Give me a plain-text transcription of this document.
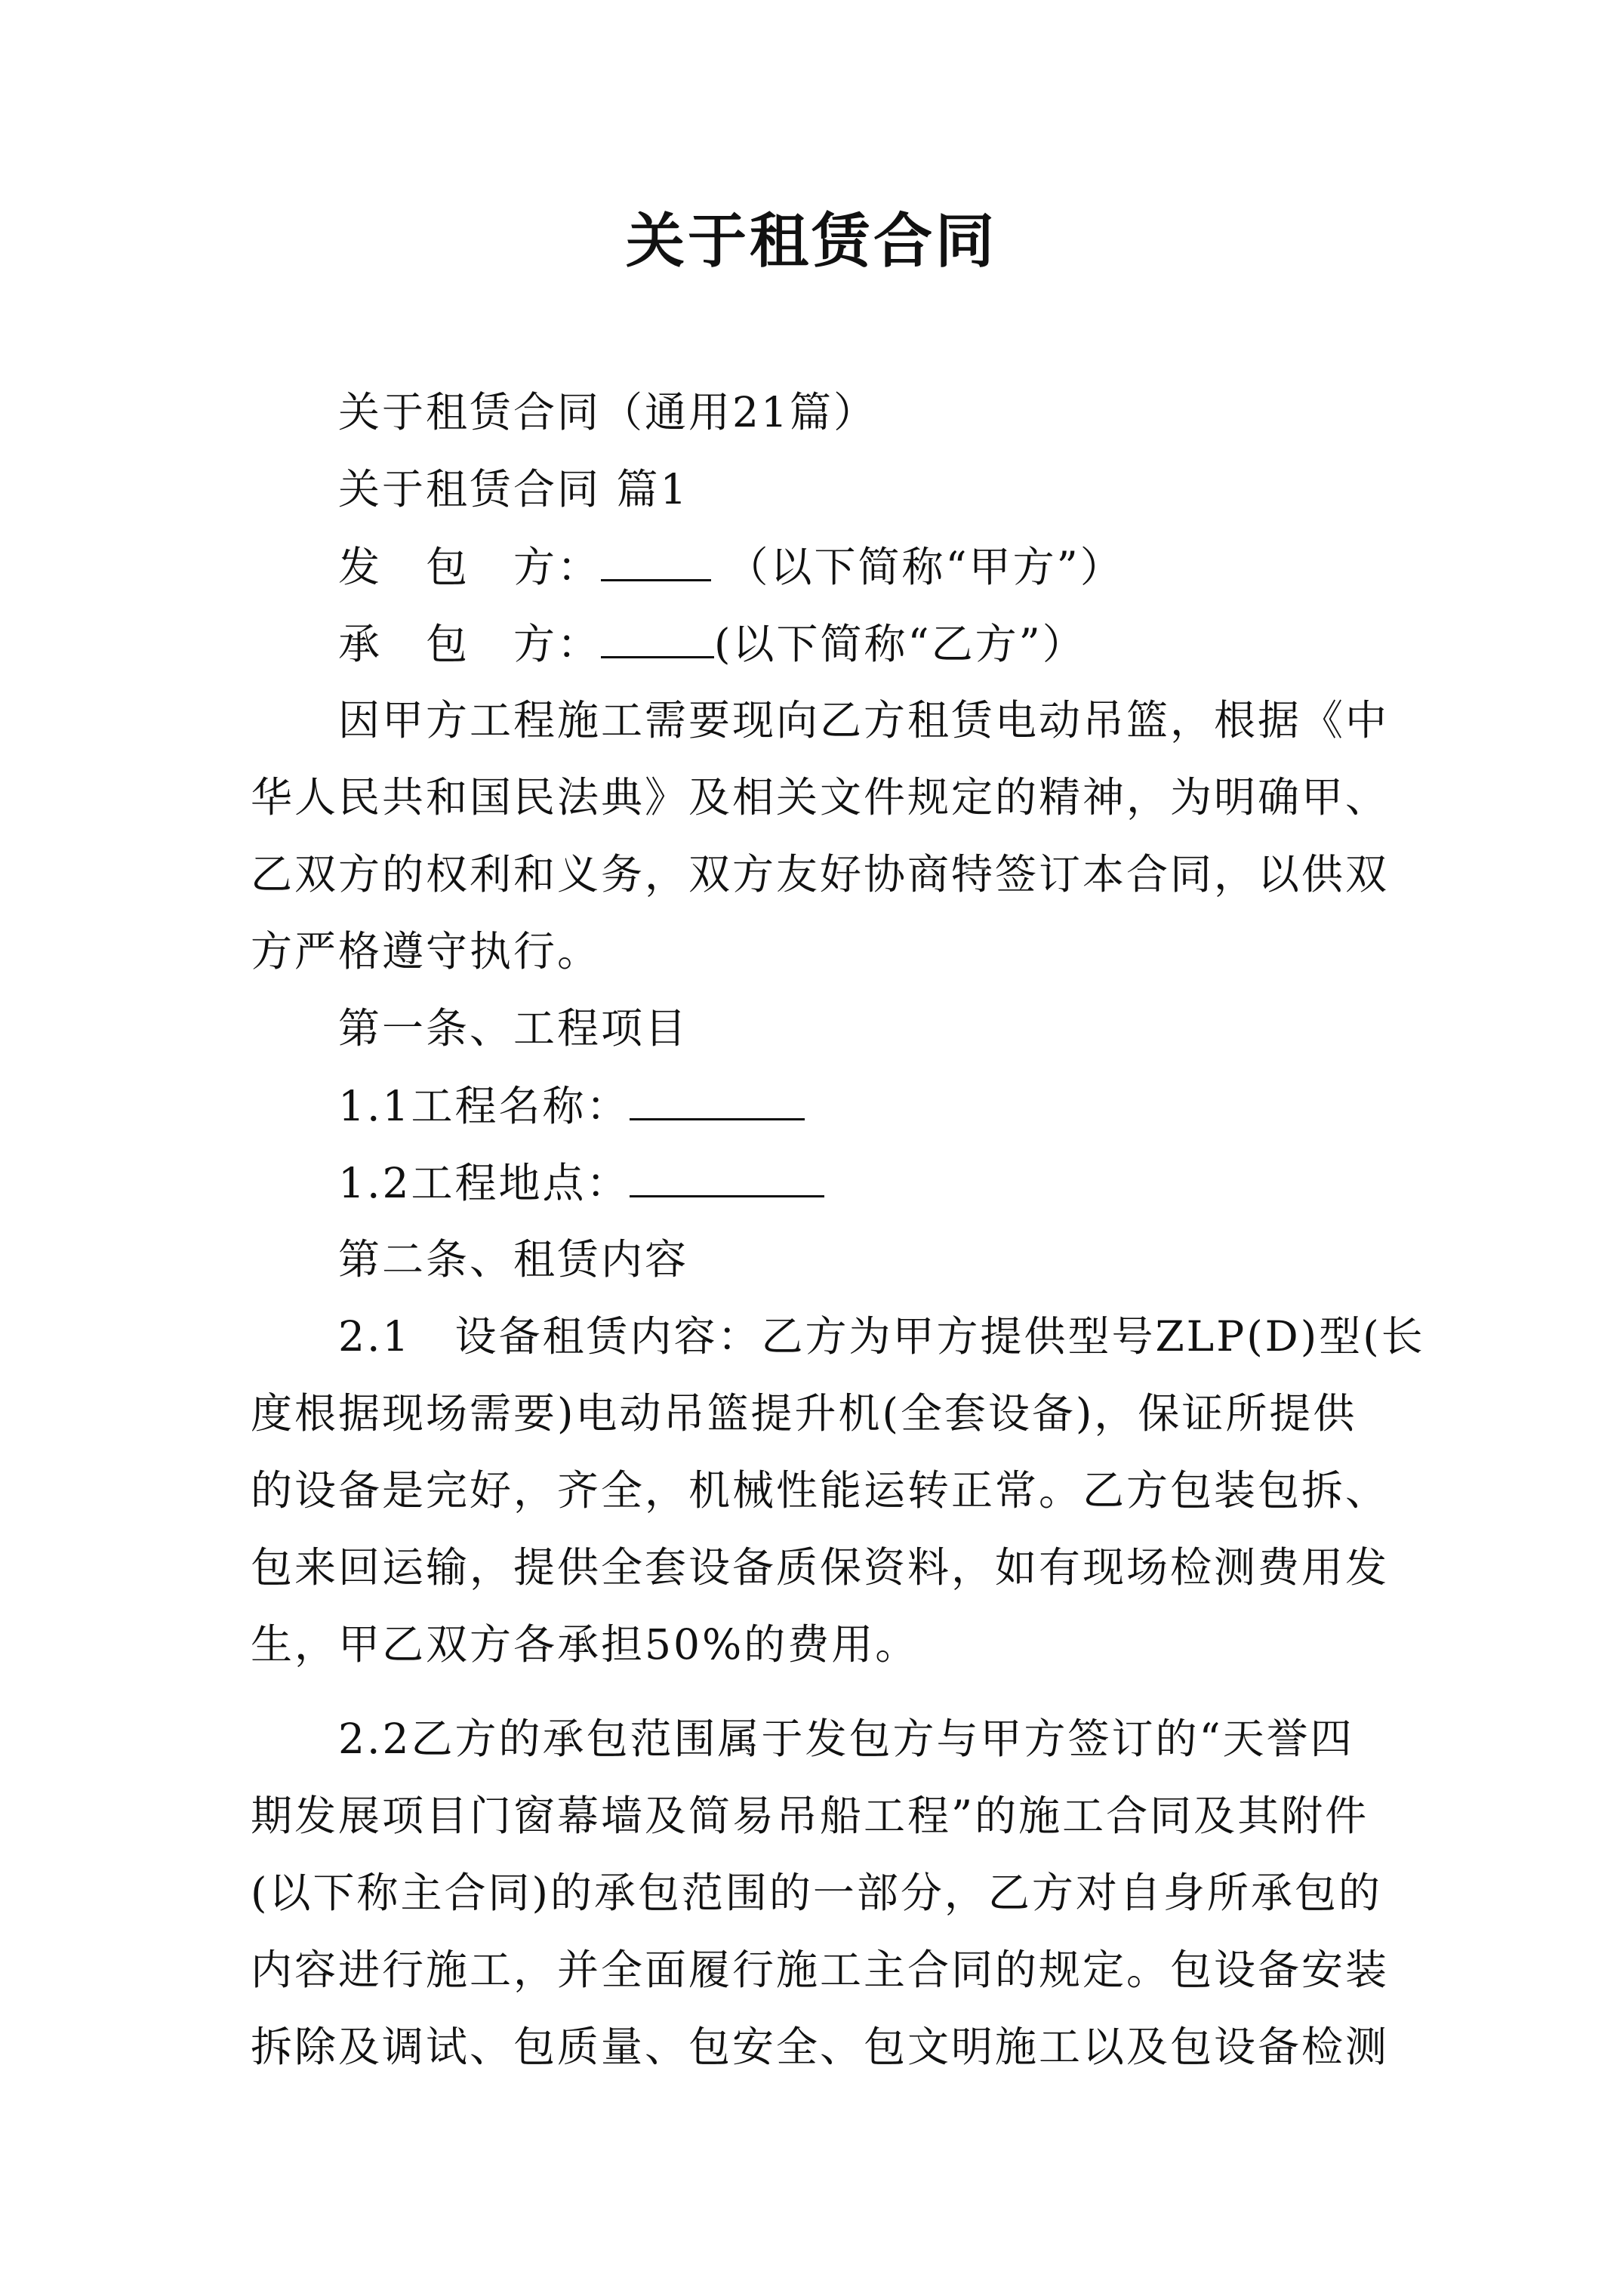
关于租赁合同
关于租赁合同（通用21篇）
关于租赁合同 篇1
发　包　方：	（以下简称“甲方”）
承　包　方：	(以下简称“乙方”）
因甲方工程施工需要现向乙方租赁电动吊篮，根据《中
华人民共和国民法典》及相关文件规定的精神，为明确甲、
乙双方的权利和义务，双方友好协商特签订本合同，以供双
方严格遵守执行。
第一条、工程项目
1.1工程名称：
1.2工程地点：
第二条、租赁内容
2.1　设备租赁内容：乙方为甲方提供型号ZLP(D)型(长
度根据现场需要)电动吊篮提升机(全套设备)，保证所提供
的设备是完好，齐全，机械性能运转正常。乙方包装包拆、
包来回运输，提供全套设备质保资料，如有现场检测费用发
生，甲乙双方各承担50%的费用。
2.2乙方的承包范围属于发包方与甲方签订的“天誉四
期发展项目门窗幕墙及简易吊船工程”的施工合同及其附件
(以下称主合同)的承包范围的一部分，乙方对自身所承包的
内容进行施工，并全面履行施工主合同的规定。包设备安装
拆除及调试、包质量、包安全、包文明施工以及包设备检测
